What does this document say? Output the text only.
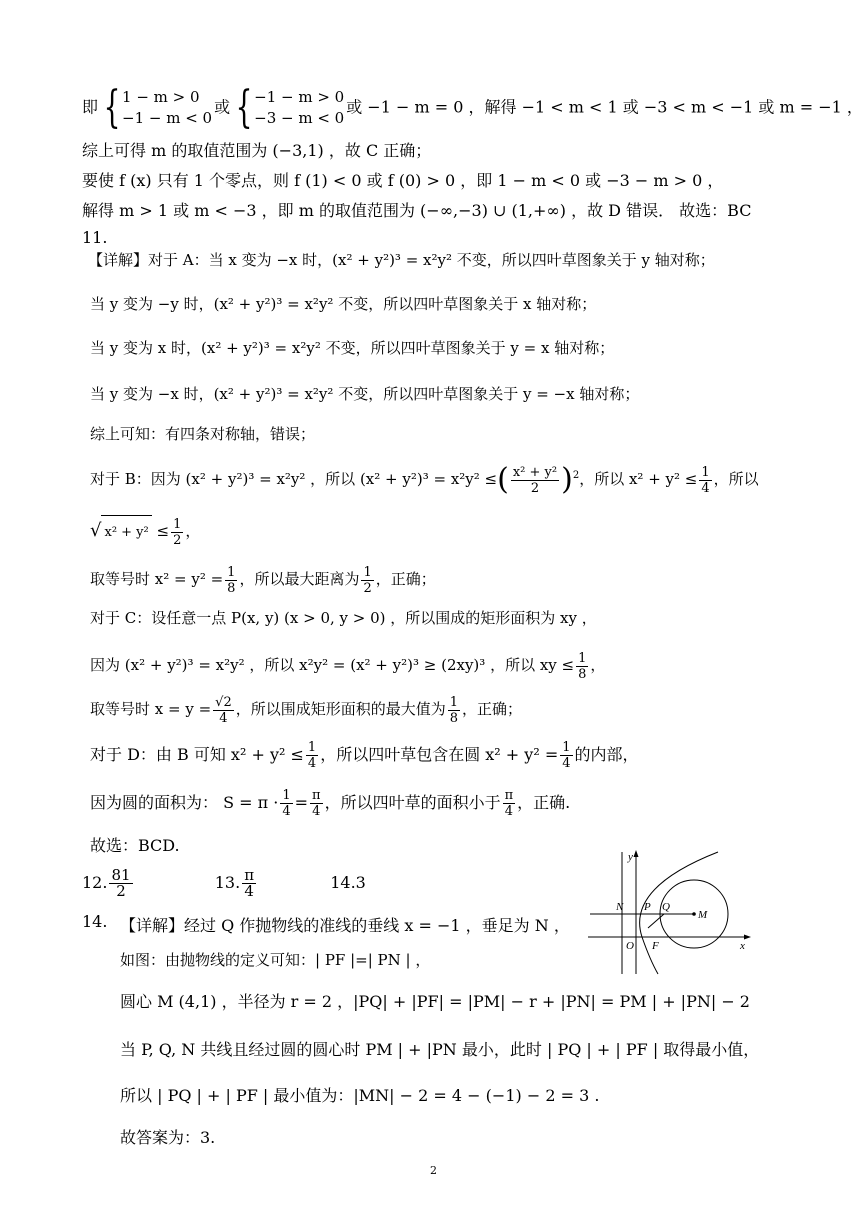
即 { 1 − m > 0
−1 − m < 0
或 { −1 − m > 0
−3 − m < 0
或 −1 − m = 0 ，解得 −1 < m < 1 或 −3 < m < −1 或 m = −1 ，
综上可得 m 的取值范围为 (−3,1) ，故 C 正确；
要使 f (x) 只有 1 个零点，则 f (1) < 0 或 f (0) > 0 ，即 1 − m < 0 或 −3 − m > 0 ，
解得 m > 1 或 m < −3 ，即 m 的取值范围为 (−∞,−3) ∪ (1,+∞) ，故 D 错误． 故选：BC
11.
【详解】对于 A：当 x 变为 −x 时，(x² + y²)³ = x²y² 不变，所以四叶草图象关于 y 轴对称；
当 y 变为 −y 时，(x² + y²)³ = x²y² 不变，所以四叶草图象关于 x 轴对称；
当 y 变为 x 时，(x² + y²)³ = x²y² 不变，所以四叶草图象关于 y = x 轴对称；
当 y 变为 −x 时，(x² + y²)³ = x²y² 不变，所以四叶草图象关于 y = −x 轴对称；
综上可知：有四条对称轴，错误；
对于 B：因为 (x² + y²)³ = x²y² ，所以 (x² + y²)³ = x²y² ≤( $\frac{\text{x² + y²}}{2} )^2$，所以 $x^2 + y^2 \le \frac{1}{4}$ ，所以
√ $x^2 + y^2 \le \frac{1}{2}$ ，
取等号时 $x^2 = y^2 = \frac{1}{8}$ ，所以最大距离为 $\frac{1}{2}$ ，正确；
对于 C：设任意一点 P(x, y) (x > 0, y > 0) ，所以围成的矩形面积为 xy ，
因为 (x² + y²)³ = x²y² ，所以 x²y² = (x² + y²)³ ≥ (2xy)³ ，所以 xy ≤ $\frac{1}{8}$ ，
取等号时 $x = y = \frac{√2}{4}$ ，所以围成矩形面积的最大值为 $\frac{1}{8}$ ，正确；
对于 D：由 B 可知 $x^2 + y^2 \le \frac{1}{4}$ ，所以四叶草包含在圆 $x^2 + y^2 = \frac{1}{4}$ 的内部，
因为圆的面积为： $S = \pi \cdot \frac{1}{4} = \frac{\pi}{4}$ ，所以四叶草的面积小于 $\frac{\pi}{4}$ ，正确.
故选：BCD.
12. $\frac{81}{2}$	13. $\frac{\pi}{4}$	14.3
14. 【详解】经过 Q 作抛物线的准线的垂线 x = −1 ，垂足为 N ，
如图：由抛物线的定义可知：| PF |=| PN | ，
圆心 M (4,1) ，半径为 r = 2 ，|PQ| + |PF| = |PM| − r + |PN| = PM | + |PN| − 2
当 P, Q, N 共线且经过圆的圆心时 PM | + |PN 最小，此时 | PQ | + | PF | 取得最小值，
所以 | PQ | + | PF | 最小值为：|MN| − 2 = 4 − (−1) − 2 = 3 .
故答案为：3.
y
x
N P Q
M
O F
2
